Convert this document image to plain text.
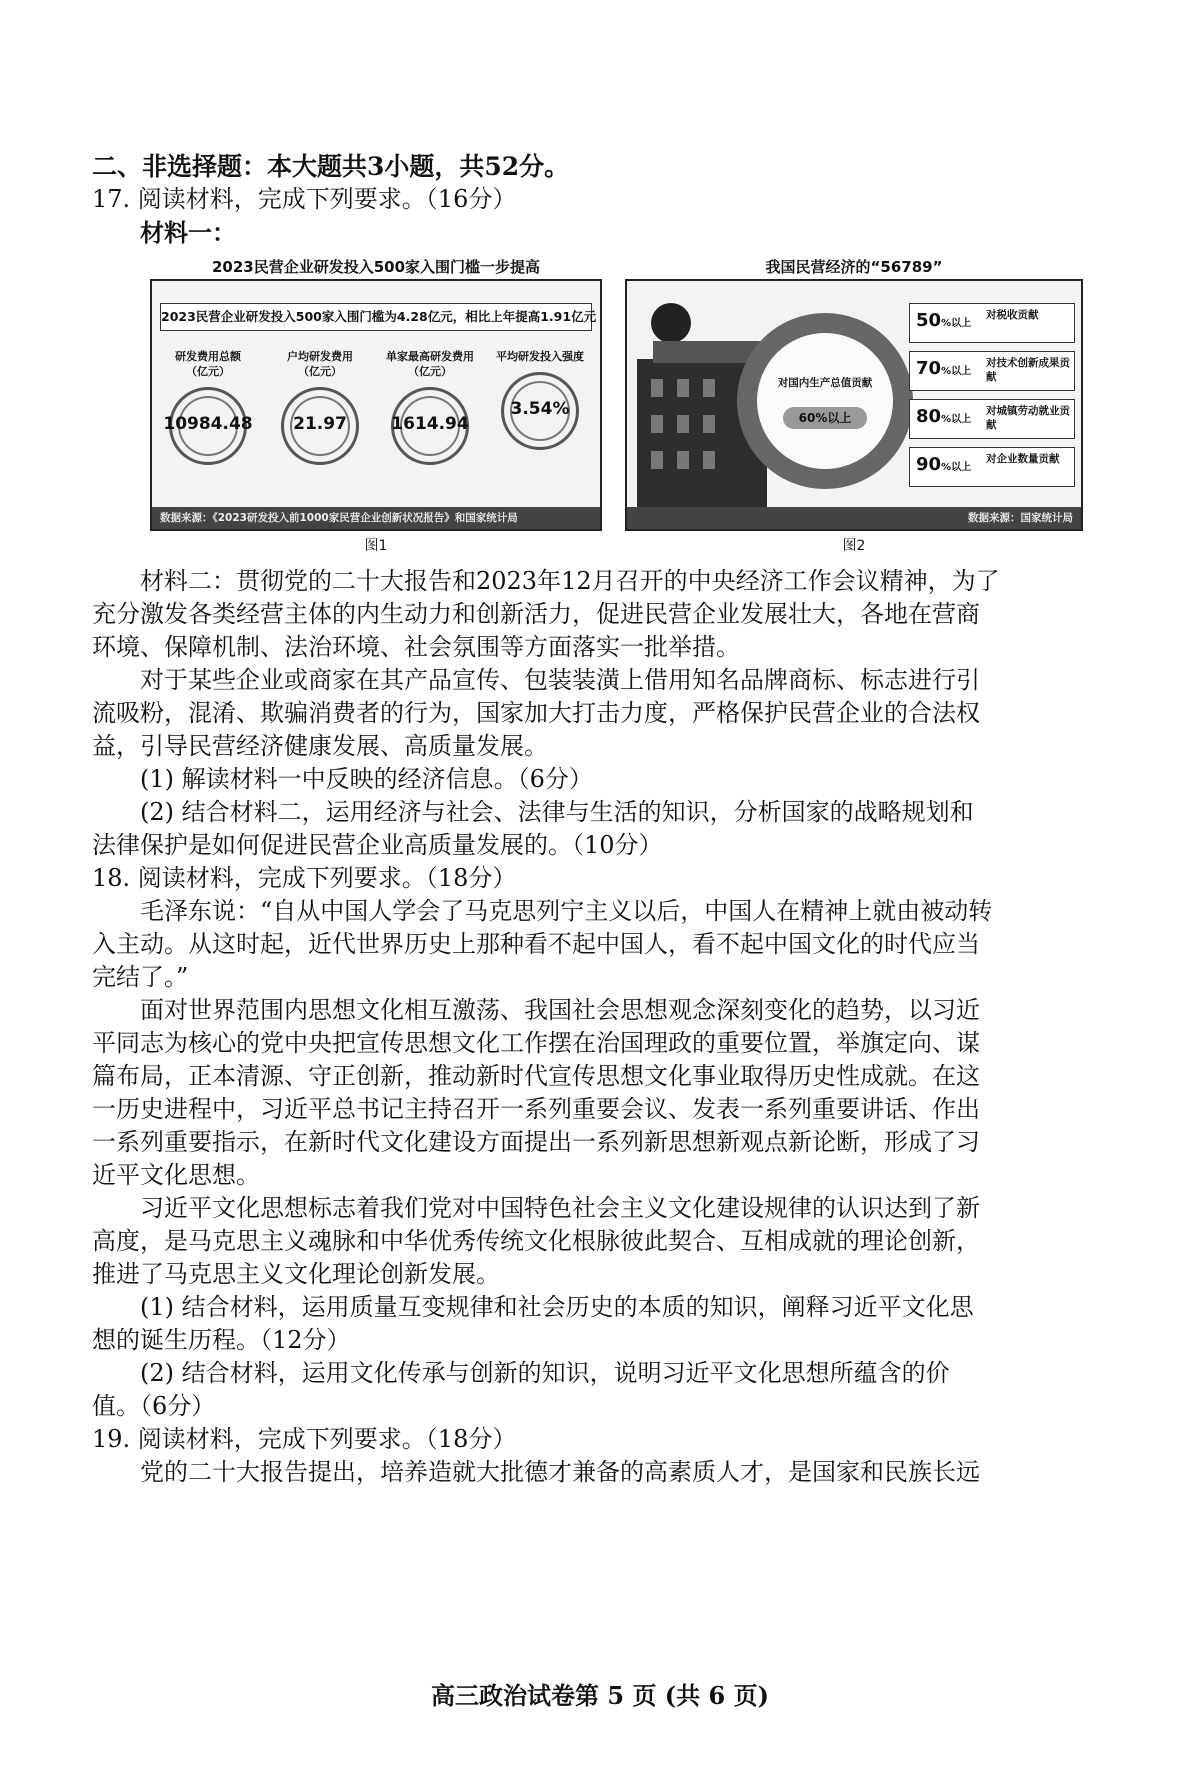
二、非选择题：本大题共3小题，共52分。

17. 阅读材料，完成下列要求。（16分）

材料一：

2023民营企业研发投入500家入围门槛一步提高
2023民营企业研发投入500家入围门槛为4.28亿元，相比上年提高1.91亿元
研发费用总额
（亿元）
10984.48
户均研发费用
（亿元）
21.97
单家最高研发费用
（亿元）
1614.94
平均研发投入强度
3.54%
数据来源：《2023研发投入前1000家民营企业创新状况报告》和国家统计局
图1
我国民营经济的“56789”
对国内生产总值贡献
60%以上
50%以上
对税收贡献
70%以上
对技术创新成果贡献
80%以上
对城镇劳动就业贡献
90%以上
对企业数量贡献
数据来源：国家统计局
图2

材料二：贯彻党的二十大报告和2023年12月召开的中央经济工作会议精神，为了

充分激发各类经营主体的内生动力和创新活力，促进民营企业发展壮大，各地在营商

环境、保障机制、法治环境、社会氛围等方面落实一批举措。

对于某些企业或商家在其产品宣传、包装装潢上借用知名品牌商标、标志进行引

流吸粉，混淆、欺骗消费者的行为，国家加大打击力度，严格保护民营企业的合法权

益，引导民营经济健康发展、高质量发展。

(1) 解读材料一中反映的经济信息。（6分）

(2) 结合材料二，运用经济与社会、法律与生活的知识，分析国家的战略规划和

法律保护是如何促进民营企业高质量发展的。（10分）

18. 阅读材料，完成下列要求。（18分）

毛泽东说：“自从中国人学会了马克思列宁主义以后，中国人在精神上就由被动转

入主动。从这时起，近代世界历史上那种看不起中国人，看不起中国文化的时代应当

完结了。”

面对世界范围内思想文化相互激荡、我国社会思想观念深刻变化的趋势，以习近

平同志为核心的党中央把宣传思想文化工作摆在治国理政的重要位置，举旗定向、谋

篇布局，正本清源、守正创新，推动新时代宣传思想文化事业取得历史性成就。在这

一历史进程中，习近平总书记主持召开一系列重要会议、发表一系列重要讲话、作出

一系列重要指示，在新时代文化建设方面提出一系列新思想新观点新论断，形成了习

近平文化思想。

习近平文化思想标志着我们党对中国特色社会主义文化建设规律的认识达到了新

高度，是马克思主义魂脉和中华优秀传统文化根脉彼此契合、互相成就的理论创新，

推进了马克思主义文化理论创新发展。

(1) 结合材料，运用质量互变规律和社会历史的本质的知识，阐释习近平文化思

想的诞生历程。（12分）

(2) 结合材料，运用文化传承与创新的知识，说明习近平文化思想所蕴含的价

值。（6分）

19. 阅读材料，完成下列要求。（18分）

党的二十大报告提出，培养造就大批德才兼备的高素质人才，是国家和民族长远

高三政治试卷第 5 页 (共 6 页)
